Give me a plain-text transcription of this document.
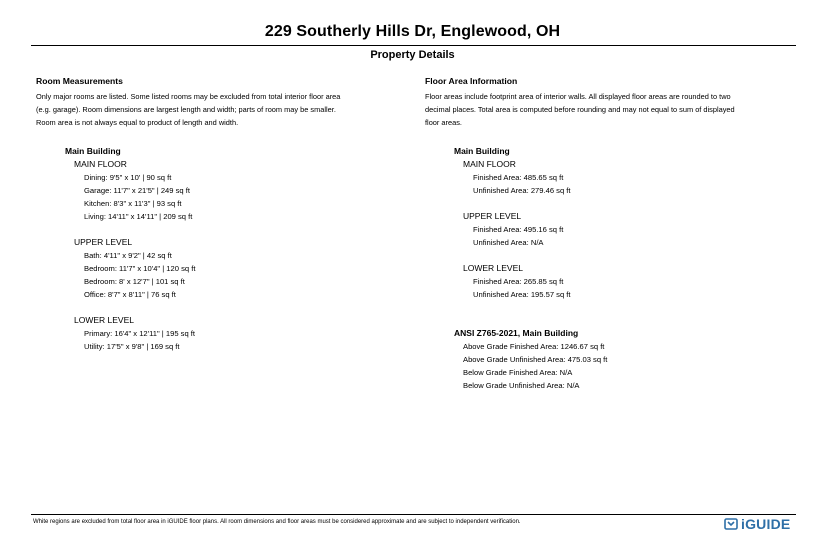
229 Southerly Hills Dr, Englewood, OH
Property Details
Room Measurements
Only major rooms are listed. Some listed rooms may be excluded from total interior floor area
(e.g. garage). Room dimensions are largest length and width; parts of room may be smaller.
Room area is not always equal to product of length and width.
Main Building
MAIN FLOOR
Dining: 9'5" x 10' | 90 sq ft
Garage: 11'7" x 21'5" | 249 sq ft
Kitchen: 8'3" x 11'3" | 93 sq ft
Living: 14'11" x 14'11" | 209 sq ft
UPPER LEVEL
Bath: 4'11" x 9'2" | 42 sq ft
Bedroom: 11'7" x 10'4" | 120 sq ft
Bedroom: 8' x 12'7" | 101 sq ft
Office: 8'7" x 8'11" | 76 sq ft
LOWER LEVEL
Primary: 16'4" x 12'11" | 195 sq ft
Utility: 17'5" x 9'8" | 169 sq ft
Floor Area Information
Floor areas include footprint area of interior walls. All displayed floor areas are rounded to two
decimal places. Total area is computed before rounding and may not equal to sum of displayed
floor areas.
Main Building
MAIN FLOOR
Finished Area: 485.65 sq ft
Unfinished Area: 279.46 sq ft
UPPER LEVEL
Finished Area: 495.16 sq ft
Unfinished Area: N/A
LOWER LEVEL
Finished Area: 265.85 sq ft
Unfinished Area: 195.57 sq ft
ANSI Z765-2021, Main Building
Above Grade Finished Area: 1246.67 sq ft
Above Grade Unfinished Area: 475.03 sq ft
Below Grade Finished Area: N/A
Below Grade Unfinished Area: N/A
White regions are excluded from total floor area in iGUIDE floor plans. All room dimensions and floor areas must be considered approximate and are subject to independent verification.	iGUIDE
